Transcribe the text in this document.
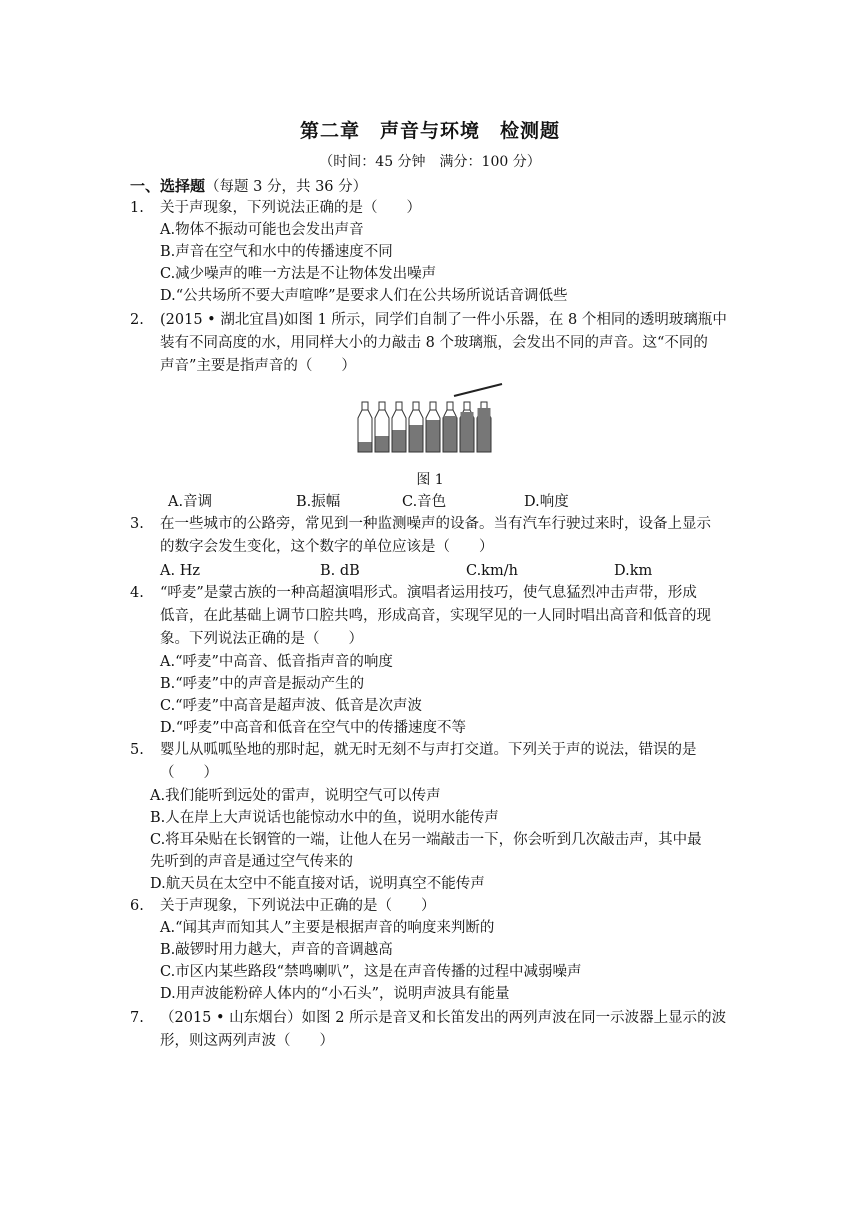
第二章　声音与环境　检测题
（时间：45 分钟　满分：100 分）
一、选择题（每题 3 分，共 36 分）
1. 关于声现象，下列说法正确的是（　　）
A.物体不振动可能也会发出声音
B.声音在空气和水中的传播速度不同
C.减少噪声的唯一方法是不让物体发出噪声
D.“公共场所不要大声喧哗”是要求人们在公共场所说话音调低些
2. (2015 • 湖北宜昌)如图 1 所示，同学们自制了一件小乐器，在 8 个相同的透明玻璃瓶中
装有不同高度的水，用同样大小的力敲击 8 个玻璃瓶，会发出不同的声音。这“不同的
声音”主要是指声音的（　　）
图 1
A.音调	B.振幅	C.音色	D.响度
3. 在一些城市的公路旁，常见到一种监测噪声的设备。当有汽车行驶过来时，设备上显示
的数字会发生变化，这个数字的单位应该是（　　）
A. Hz	B. dB	C.km/h	D.km
4. “呼麦”是蒙古族的一种高超演唱形式。演唱者运用技巧，使气息猛烈冲击声带，形成
低音，在此基础上调节口腔共鸣，形成高音，实现罕见的一人同时唱出高音和低音的现
象。下列说法正确的是（　　）
A.“呼麦”中高音、低音指声音的响度
B.“呼麦”中的声音是振动产生的
C.“呼麦”中高音是超声波、低音是次声波
D.“呼麦”中高音和低音在空气中的传播速度不等
5. 婴儿从呱呱坠地的那时起，就无时无刻不与声打交道。下列关于声的说法，错误的是
（　　）
A.我们能听到远处的雷声，说明空气可以传声
B.人在岸上大声说话也能惊动水中的鱼，说明水能传声
C.将耳朵贴在长钢管的一端，让他人在另一端敲击一下，你会听到几次敲击声，其中最
先听到的声音是通过空气传来的
D.航天员在太空中不能直接对话，说明真空不能传声
6. 关于声现象，下列说法中正确的是（　　）
A.“闻其声而知其人”主要是根据声音的响度来判断的
B.敲锣时用力越大，声音的音调越高
C.市区内某些路段“禁鸣喇叭”，这是在声音传播的过程中减弱噪声
D.用声波能粉碎人体内的“小石头”，说明声波具有能量
7. （2015 • 山东烟台）如图 2 所示是音叉和长笛发出的两列声波在同一示波器上显示的波
形，则这两列声波（　　）
